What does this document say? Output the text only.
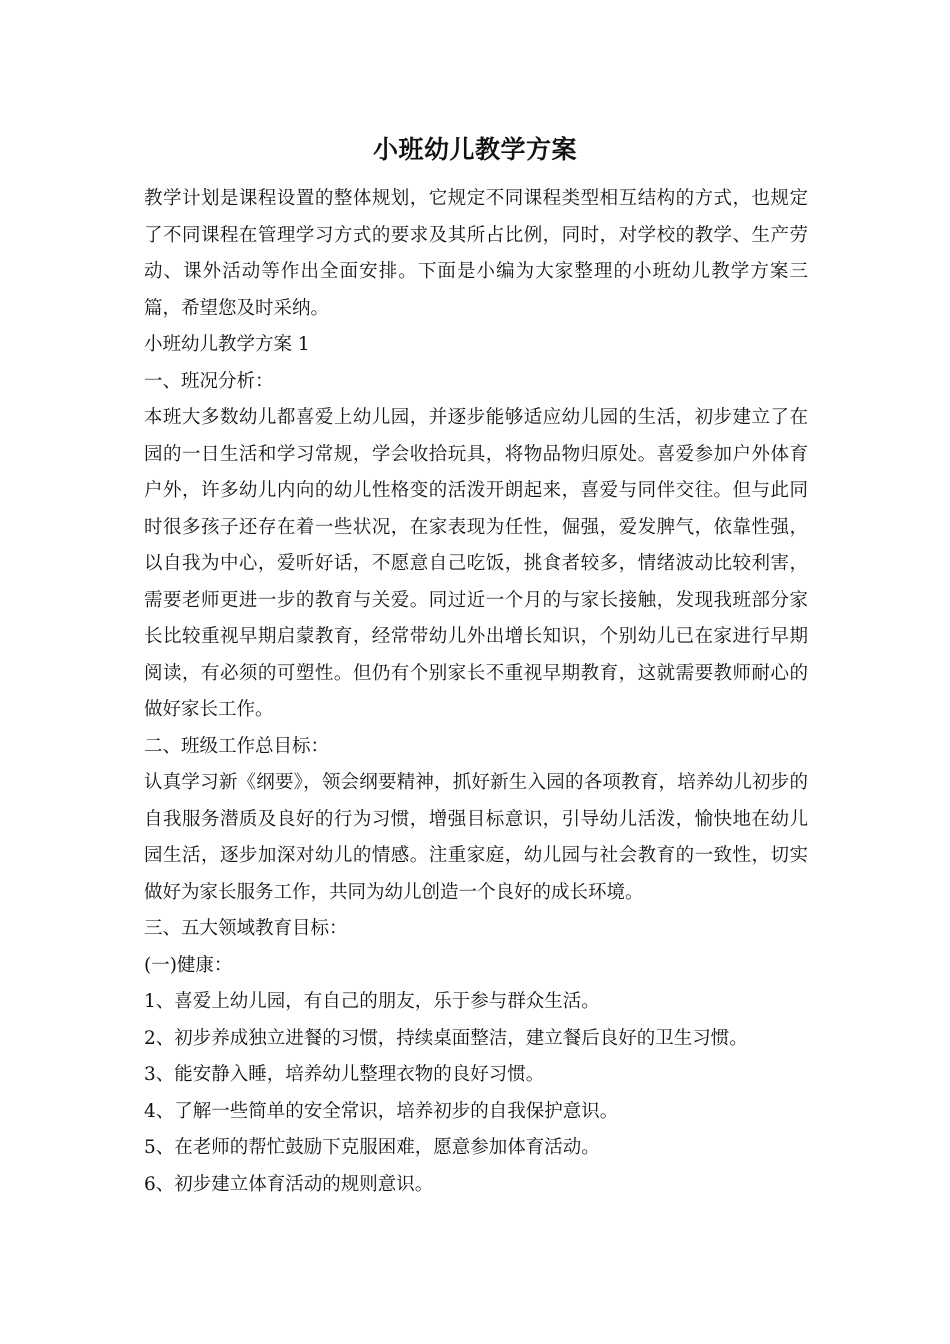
小班幼儿教学方案

教学计划是课程设置的整体规划，它规定不同课程类型相互结构的方式，也规定了不同课程在管理学习方式的要求及其所占比例，同时，对学校的教学、生产劳动、课外活动等作出全面安排。下面是小编为大家整理的小班幼儿教学方案三篇，希望您及时采纳。

小班幼儿教学方案 1

一、班况分析：

本班大多数幼儿都喜爱上幼儿园，并逐步能够适应幼儿园的生活，初步建立了在园的一日生活和学习常规，学会收拾玩具，将物品物归原处。喜爱参加户外体育户外，许多幼儿内向的幼儿性格变的活泼开朗起来，喜爱与同伴交往。但与此同时很多孩子还存在着一些状况，在家表现为任性，倔强，爱发脾气，依靠性强，以自我为中心，爱听好话，不愿意自己吃饭，挑食者较多，情绪波动比较利害，需要老师更进一步的教育与关爱。同过近一个月的与家长接触，发现我班部分家长比较重视早期启蒙教育，经常带幼儿外出增长知识，个别幼儿已在家进行早期阅读，有必须的可塑性。但仍有个别家长不重视早期教育，这就需要教师耐心的做好家长工作。

二、班级工作总目标：

认真学习新《纲要》，领会纲要精神，抓好新生入园的各项教育，培养幼儿初步的自我服务潜质及良好的行为习惯，增强目标意识，引导幼儿活泼，愉快地在幼儿园生活，逐步加深对幼儿的情感。注重家庭，幼儿园与社会教育的一致性，切实做好为家长服务工作，共同为幼儿创造一个良好的成长环境。

三、五大领域教育目标：

(一)健康：

1、喜爱上幼儿园，有自己的朋友，乐于参与群众生活。

2、初步养成独立进餐的习惯，持续桌面整洁，建立餐后良好的卫生习惯。

3、能安静入睡，培养幼儿整理衣物的良好习惯。

4、了解一些简单的安全常识，培养初步的自我保护意识。

5、在老师的帮忙鼓励下克服困难，愿意参加体育活动。

6、初步建立体育活动的规则意识。
